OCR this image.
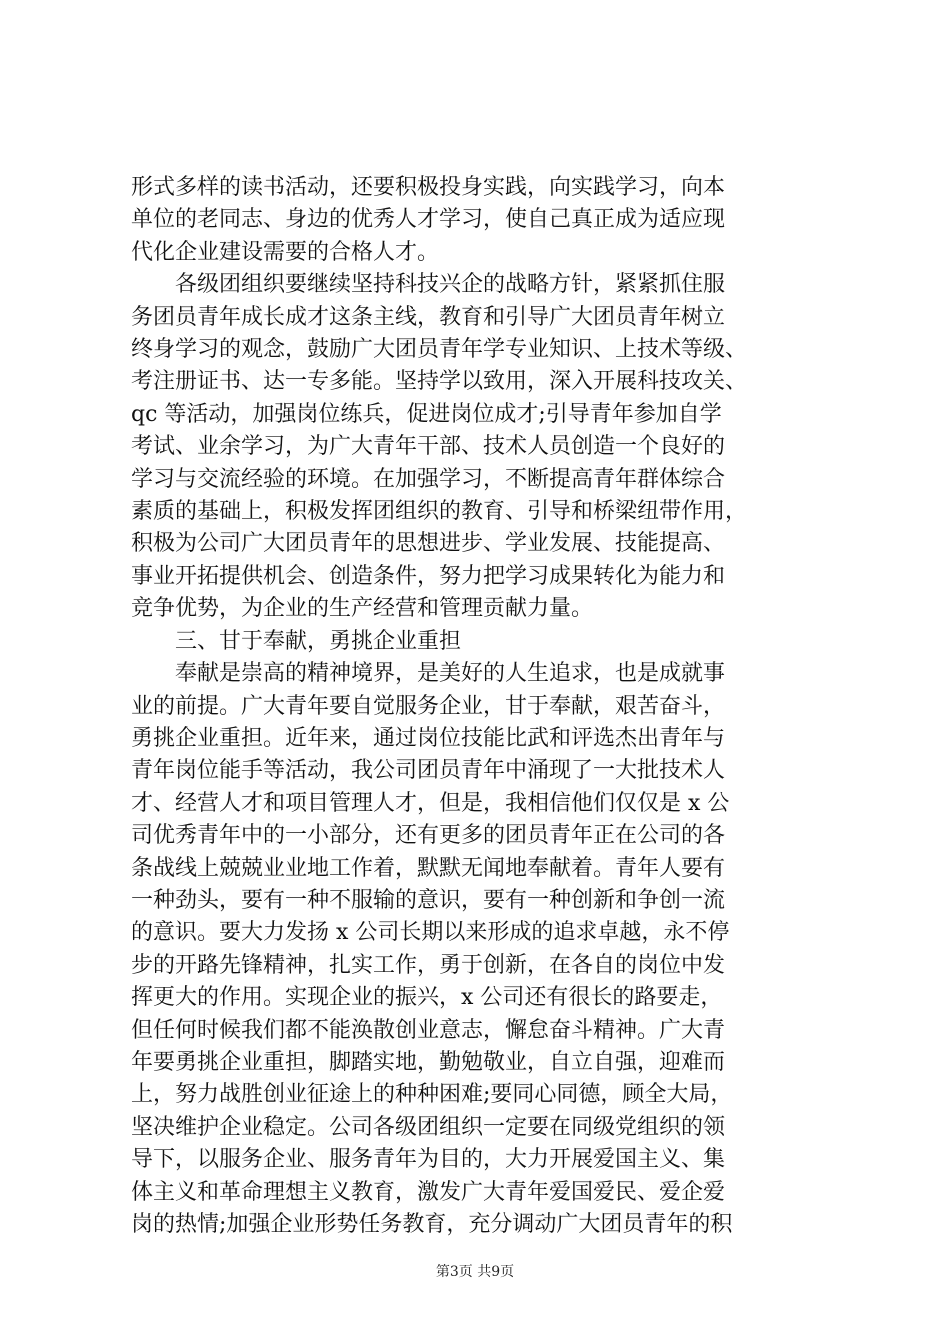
形式多样的读书活动，还要积极投身实践，向实践学习，向本
单位的老同志、身边的优秀人才学习，使自己真正成为适应现
代化企业建设需要的合格人才。
各级团组织要继续坚持科技兴企的战略方针，紧紧抓住服
务团员青年成长成才这条主线，教育和引导广大团员青年树立
终身学习的观念，鼓励广大团员青年学专业知识、上技术等级、
考注册证书、达一专多能。坚持学以致用，深入开展科技攻关、
qc 等活动，加强岗位练兵，促进岗位成才;引导青年参加自学
考试、业余学习，为广大青年干部、技术人员创造一个良好的
学习与交流经验的环境。在加强学习，不断提高青年群体综合
素质的基础上，积极发挥团组织的教育、引导和桥梁纽带作用，
积极为公司广大团员青年的思想进步、学业发展、技能提高、
事业开拓提供机会、创造条件，努力把学习成果转化为能力和
竞争优势，为企业的生产经营和管理贡献力量。
三、甘于奉献，勇挑企业重担
奉献是崇高的精神境界，是美好的人生追求，也是成就事
业的前提。广大青年要自觉服务企业，甘于奉献，艰苦奋斗，
勇挑企业重担。近年来，通过岗位技能比武和评选杰出青年与
青年岗位能手等活动，我公司团员青年中涌现了一大批技术人
才、经营人才和项目管理人才，但是，我相信他们仅仅是 x 公
司优秀青年中的一小部分，还有更多的团员青年正在公司的各
条战线上兢兢业业地工作着，默默无闻地奉献着。青年人要有
一种劲头，要有一种不服输的意识，要有一种创新和争创一流
的意识。要大力发扬 x 公司长期以来形成的追求卓越，永不停
步的开路先锋精神，扎实工作，勇于创新，在各自的岗位中发
挥更大的作用。实现企业的振兴，x 公司还有很长的路要走，
但任何时候我们都不能涣散创业意志，懈怠奋斗精神。广大青
年要勇挑企业重担，脚踏实地，勤勉敬业，自立自强，迎难而
上，努力战胜创业征途上的种种困难;要同心同德，顾全大局，
坚决维护企业稳定。公司各级团组织一定要在同级党组织的领
导下，以服务企业、服务青年为目的，大力开展爱国主义、集
体主义和革命理想主义教育，激发广大青年爱国爱民、爱企爱
岗的热情;加强企业形势任务教育，充分调动广大团员青年的积
第3页 共9页
